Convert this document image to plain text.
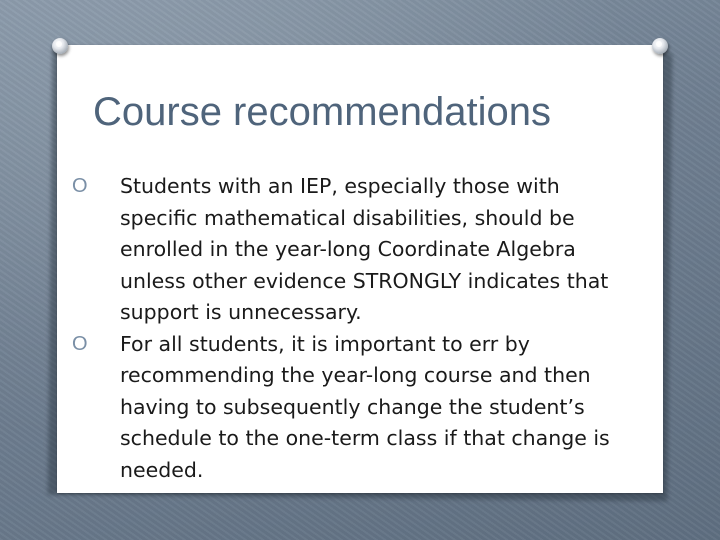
Course recommendations
O	Students with an IEP, especially those with specific mathematical disabilities, should be enrolled in the year-long Coordinate Algebra unless other evidence STRONGLY indicates that support is unnecessary.
O	For all students, it is important to err by recommending the year-long course and then having to subsequently change the student’s schedule to the one-term class if that change is needed.
